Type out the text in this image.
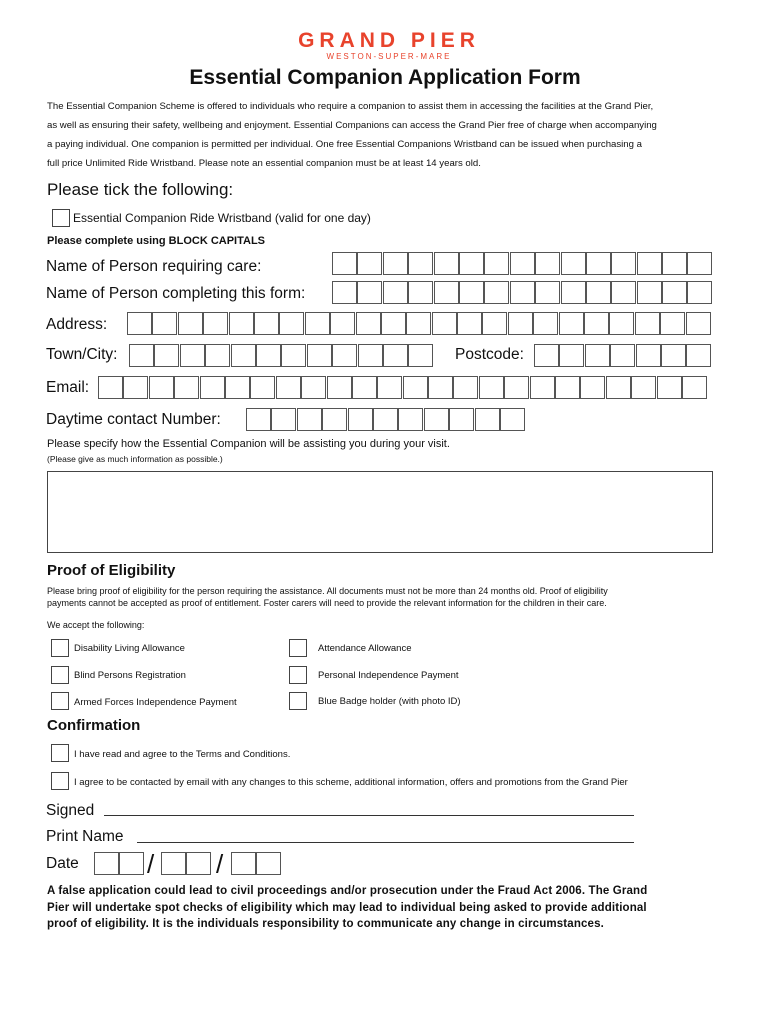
GRAND PIER
WESTON-SUPER-MARE
Essential Companion Application Form
The Essential Companion Scheme is offered to individuals who require a companion to assist them in accessing the facilities at the Grand Pier,
as well as ensuring their safety, wellbeing and enjoyment. Essential Companions can access the Grand Pier free of charge when accompanying
a paying individual. One companion is permitted per individual. One free Essential Companions Wristband can be issued when purchasing a
full price Unlimited Ride Wristband. Please note an essential companion must be at least 14 years old.
Please tick the following:
Essential Companion Ride Wristband (valid for one day)
Please complete using BLOCK CAPITALS
Name of Person requiring care:
Name of Person completing this form:
Address:
Town/City:	Postcode:
Email:
Daytime contact Number:
Please specify how the Essential Companion will be assisting you during your visit.
(Please give as much information as possible.)
Proof of Eligibility
Please bring proof of eligibility for the person requiring the assistance. All documents must not be more than 24 months old. Proof of eligibility
payments cannot be accepted as proof of entitlement. Foster carers will need to provide the relevant information for the children in their care.
We accept the following:
Disability Living Allowance
Blind Persons Registration
Armed Forces Independence Payment
Attendance Allowance
Personal Independence Payment
Blue Badge holder (with photo ID)
Confirmation
I have read and agree to the Terms and Conditions.
I agree to be contacted by email with any changes to this scheme, additional information, offers and promotions from the Grand Pier
Signed
Print Name
Date	/ /
A false application could lead to civil proceedings and/or prosecution under the Fraud Act 2006. The Grand
Pier will undertake spot checks of eligibility which may lead to individual being asked to provide additional
proof of eligibility. It is the individuals responsibility to communicate any change in circumstances.
